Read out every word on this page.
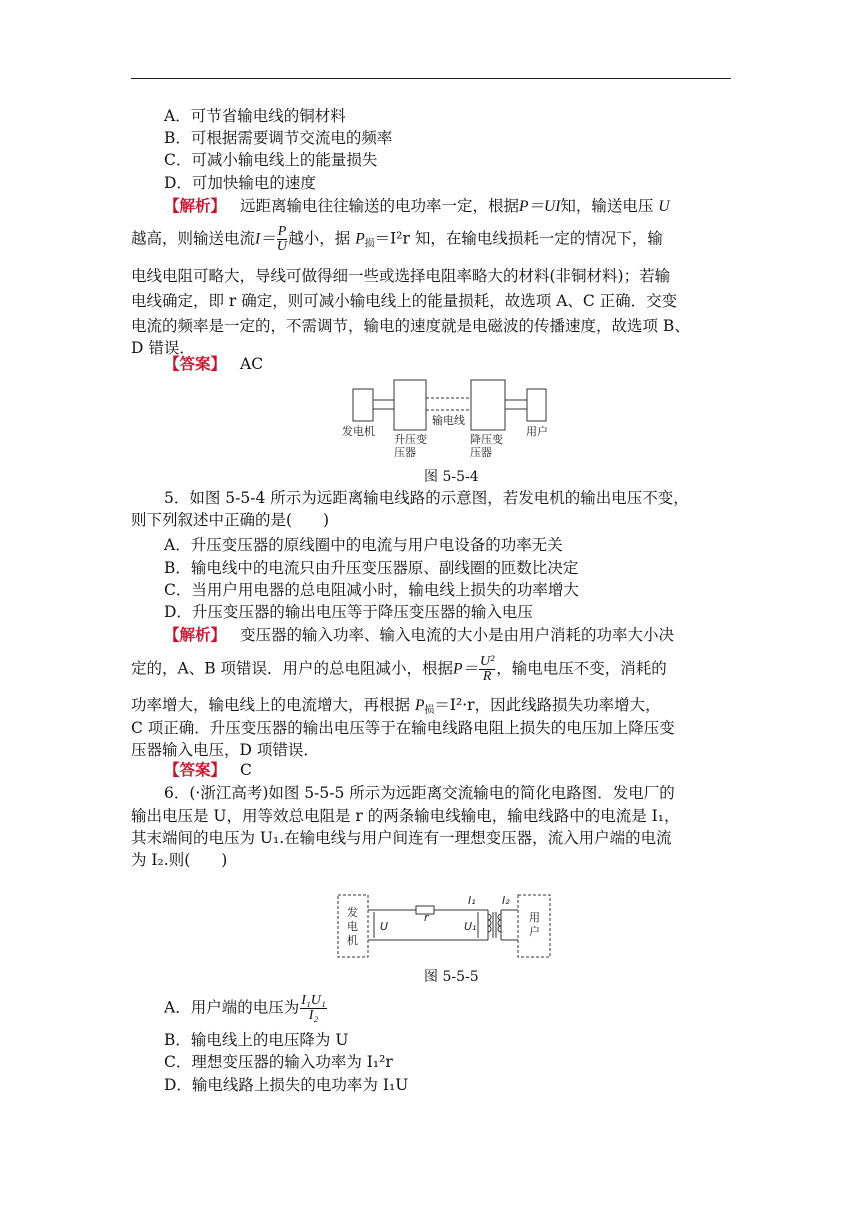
A．可节省输电线的铜材料
B．可根据需要调节交流电的频率
C．可减小输电线上的能量损失
D．可加快输电的速度
【解析】 远距离输电往往输送的电功率一定，根据P＝UI知，输送电压 U
越高，则输送电流$I= \frac{P}{U}$ 越小，据 $P_损=I^2r$ 知，在输电线损耗一定的情况下，输
电线电阻可略大，导线可做得细一些或选择电阻率略大的材料(非铜材料)；若输
电线确定，即 r 确定，则可减小输电线上的能量损耗，故选项 A、C 正确．交变
电流的频率是一定的，不需调节，输电的速度就是电磁波的传播速度，故选项 B、
D 错误．
【答案】 AC
发电机
升压变
压器
输电线
降压变
压器
用户
图 5-5-4
5．如图 5-5-4 所示为远距离输电线路的示意图，若发电机的输出电压不变，
则下列叙述中正确的是(　　)
A．升压变压器的原线圈中的电流与用户电设备的功率无关
B．输电线中的电流只由升压变压器原、副线圈的匝数比决定
C．当用户用电器的总电阻减小时，输电线上损失的功率增大
D．升压变压器的输出电压等于降压变压器的输入电压
【解析】 变压器的输入功率、输入电流的大小是由用户消耗的功率大小决
定的，A、B 项错误．用户的总电阻减小，根据$P= \frac{\text{U²}}{R}$ ，输电电压不变，消耗的
功率增大，输电线上的电流增大，再根据 $P_损=I^2\cdot r$，因此线路损失功率增大，
C 项正确．升压变压器的输出电压等于在输电线路电阻上损失的电压加上降压变
压器输入电压，D 项错误．
【答案】 C
6．(·浙江高考)如图 5-5-5 所示为远距离交流输电的简化电路图．发电厂的
输出电压是 U，用等效总电阻是 r 的两条输电线输电，输电线路中的电流是 I₁，
其末端间的电压为 U₁.在输电线与用户间连有一理想变压器，流入用户端的电流
为 I₂.则(　　)
发
电
机
U
r
I₁
U₁
I₂
用
户
图 5-5-5
A．用户端的电压为 $\frac{\text{I₁U₁}}{\text{I₂}}$
B．输电线上的电压降为 U
C．理想变压器的输入功率为 I₁²r
D．输电线路上损失的电功率为 I₁U
